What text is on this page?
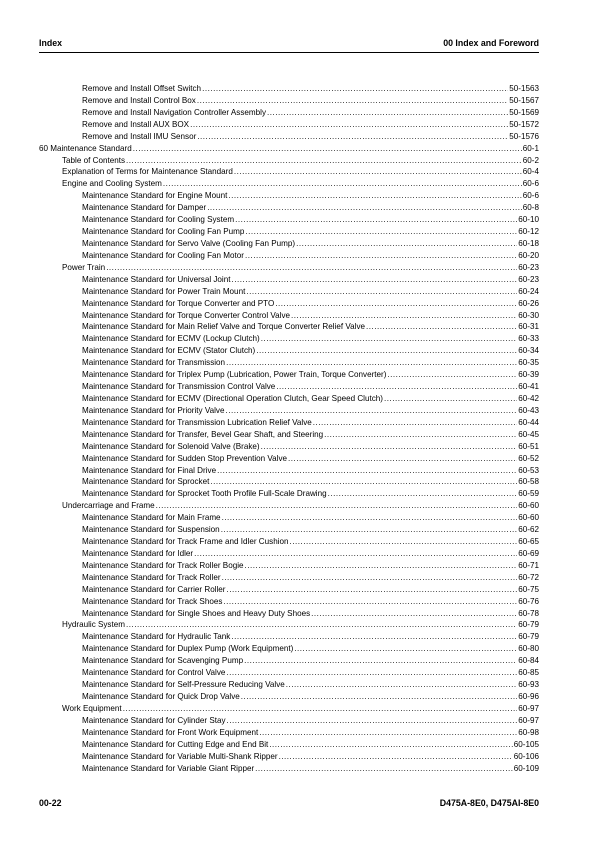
Index	00 Index and Foreword
Remove and Install Offset Switch .....	50-1563
Remove and Install Control Box .....	50-1567
Remove and Install Navigation Controller Assembly .....	50-1569
Remove and Install AUX BOX .....	50-1572
Remove and Install IMU Sensor .....	50-1576
60 Maintenance Standard .....	60-1
Table of Contents .....	60-2
Explanation of Terms for Maintenance Standard .....	60-4
Engine and Cooling System .....	60-6
Maintenance Standard for Engine Mount .....	60-6
Maintenance Standard for Damper .....	60-8
Maintenance Standard for Cooling System .....	60-10
Maintenance Standard for Cooling Fan Pump .....	60-12
Maintenance Standard for Servo Valve (Cooling Fan Pump) .....	60-18
Maintenance Standard for Cooling Fan Motor .....	60-20
Power Train .....	60-23
Maintenance Standard for Universal Joint .....	60-23
Maintenance Standard for Power Train Mount .....	60-24
Maintenance Standard for Torque Converter and PTO .....	60-26
Maintenance Standard for Torque Converter Control Valve .....	60-30
Maintenance Standard for Main Relief Valve and Torque Converter Relief Valve .....	60-31
Maintenance Standard for ECMV (Lockup Clutch) .....	60-33
Maintenance Standard for ECMV (Stator Clutch) .....	60-34
Maintenance Standard for Transmission .....	60-35
Maintenance Standard for Triplex Pump (Lubrication, Power Train, Torque Converter) .....	60-39
Maintenance Standard for Transmission Control Valve .....	60-41
Maintenance Standard for ECMV (Directional Operation Clutch, Gear Speed Clutch) .....	60-42
Maintenance Standard for Priority Valve .....	60-43
Maintenance Standard for Transmission Lubrication Relief Valve .....	60-44
Maintenance Standard for Transfer, Bevel Gear Shaft, and Steering .....	60-45
Maintenance Standard for Solenoid Valve (Brake) .....	60-51
Maintenance Standard for Sudden Stop Prevention Valve .....	60-52
Maintenance Standard for Final Drive .....	60-53
Maintenance Standard for Sprocket .....	60-58
Maintenance Standard for Sprocket Tooth Profile Full-Scale Drawing .....	60-59
Undercarriage and Frame .....	60-60
Maintenance Standard for Main Frame .....	60-60
Maintenance Standard for Suspension .....	60-62
Maintenance Standard for Track Frame and Idler Cushion .....	60-65
Maintenance Standard for Idler .....	60-69
Maintenance Standard for Track Roller Bogie .....	60-71
Maintenance Standard for Track Roller .....	60-72
Maintenance Standard for Carrier Roller .....	60-75
Maintenance Standard for Track Shoes .....	60-76
Maintenance Standard for Single Shoes and Heavy Duty Shoes .....	60-78
Hydraulic System .....	60-79
Maintenance Standard for Hydraulic Tank .....	60-79
Maintenance Standard for Duplex Pump (Work Equipment) .....	60-80
Maintenance Standard for Scavenging Pump .....	60-84
Maintenance Standard for Control Valve .....	60-85
Maintenance Standard for Self-Pressure Reducing Valve .....	60-93
Maintenance Standard for Quick Drop Valve .....	60-96
Work Equipment .....	60-97
Maintenance Standard for Cylinder Stay .....	60-97
Maintenance Standard for Front Work Equipment .....	60-98
Maintenance Standard for Cutting Edge and End Bit .....	60-105
Maintenance Standard for Variable Multi-Shank Ripper .....	60-106
Maintenance Standard for Variable Giant Ripper .....	60-109
00-22	D475A-8E0, D475AI-8E0
